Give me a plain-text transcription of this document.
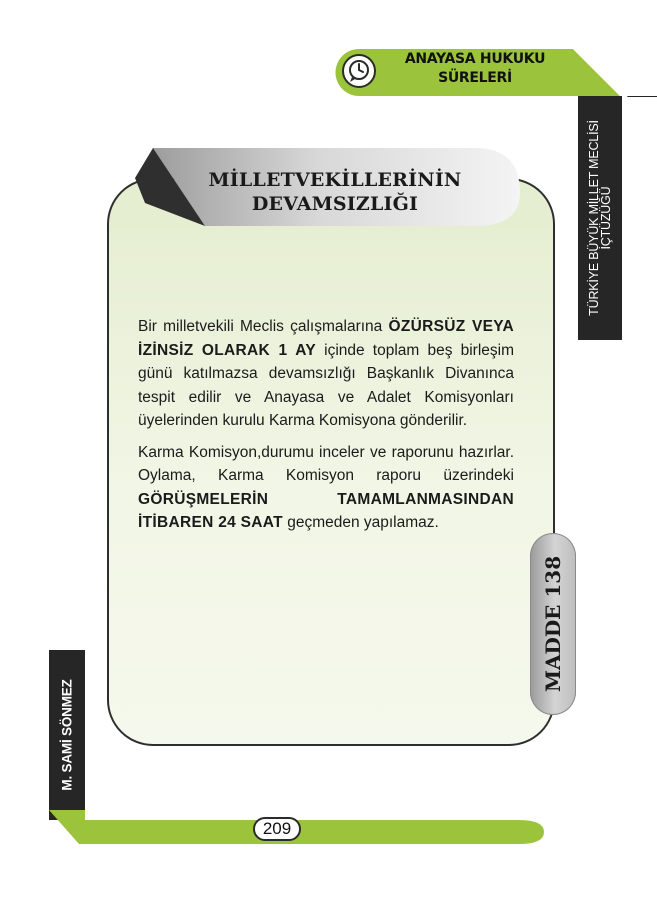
ANAYASA HUKUKU
SÜRELERİ
TÜRKİYE BÜYÜK MİLLET MECLİSİ
İÇTÜZÜĞÜ
MİLLETVEKİLLERİNİN
DEVAMSIZLIĞI

Bir milletvekili Meclis çalışmalarına ÖZÜRSÜZ VEYA İZİNSİZ OLARAK 1 AY içinde toplam beş birleşim günü katılmazsa devamsızlığı Başkanlık Divanınca tespit edilir ve Anayasa ve Adalet Komisyonları üyelerinden kurulu Karma Komisyona gönderilir.

Karma Komisyon,durumu inceler ve raporunu hazırlar. Oylama, Karma Komisyon raporu üzerindeki GÖRÜŞMELERİN TAMAMLANMASINDAN İTİBAREN 24 SAAT geçmeden yapılamaz.

MADDE 138
M. SAMİ SÖNMEZ
209
